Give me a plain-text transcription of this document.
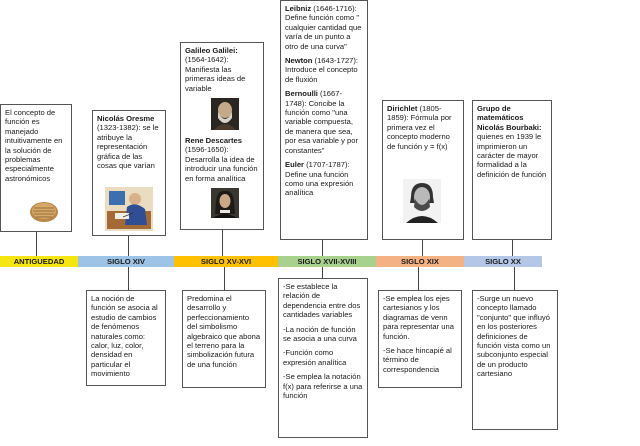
ANTIGUEDAD	SIGLO XIV	SIGLO XV-XVI	SIGLO XVII-XVIII	SIGLO XIX	SIGLO XX
El concepto de función es manejado intuitivamente en la solución de problemas especialmente astronómicos
Nicolás Oresme (1323-1382): se le atribuye la representación gráfica de las cosas que varían

Galileo Galilei: (1564-1642): Manifiesta las primeras ideas de variable

Rene Descartes (1596-1650): Desarrolla la idea de introducir una función en forma analítica

Leibniz (1646-1716): Define función como " cualquier cantidad que varía de un punto a otro de una curva"

Newton (1643-1727): Introduce el concepto de fluxión

Bernoulli (1667-1748): Concibe la función como "una variable compuesta, de manera que sea, por esa variable y por constantes"

Euler (1707-1787): Define una función como una expresión analítica

Dirichlet (1805-1859): Fórmula por primera vez el concepto moderno de función y = f(x)
Grupo de matemáticos Nicolás Bourbaki:
quienes en 1939 le imprimieron un carácter de mayor formalidad a la definición de función
La noción de función se asocia al estudio de cambios de fenómenos naturales como: calor, luz, color, densidad en particular el movimiento
Predomina el desarrollo y perfeccionamiento del simbolismo algebraico que abona el terreno para la simbolización futura de una función

-Se establece la relación de dependencia entre dos cantidades variables

-La noción de función se asocia a una curva

-Función como expresión analítica

-Se emplea la notación f(x) para referirse a una función

-Se emplea los ejes cartesianos y los diagramas de venn para representar una función.

-Se hace hincapié al término de correspondencia

-Surge un nuevo concepto llamado "conjunto" que influyó en los posteriores definiciones de función vista como un subconjunto especial de un producto cartesiano
